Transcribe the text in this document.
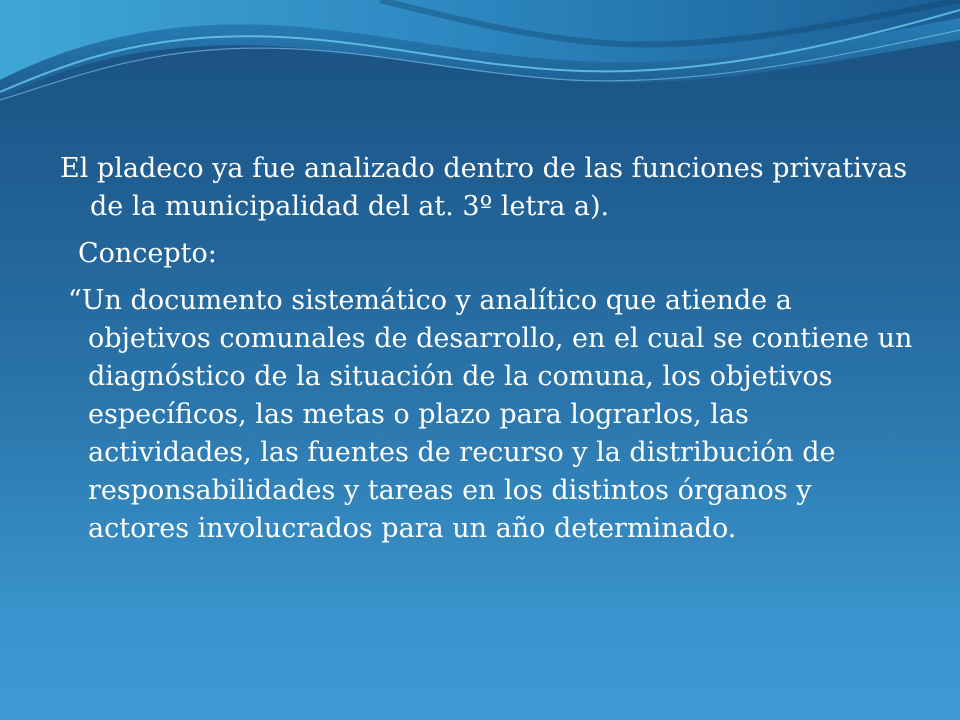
El pladeco ya fue analizado dentro de las funciones privativas de la municipalidad del at. 3º letra a).

Concepto:

“Un documento sistemático y analítico que atiende a objetivos comunales de desarrollo, en el cual se contiene un diagnóstico de la situación de la comuna, los objetivos específicos, las metas o plazo para lograrlos, las actividades, las fuentes de recurso y la distribución de responsabilidades y tareas en los distintos órganos y actores involucrados para un año determinado.
